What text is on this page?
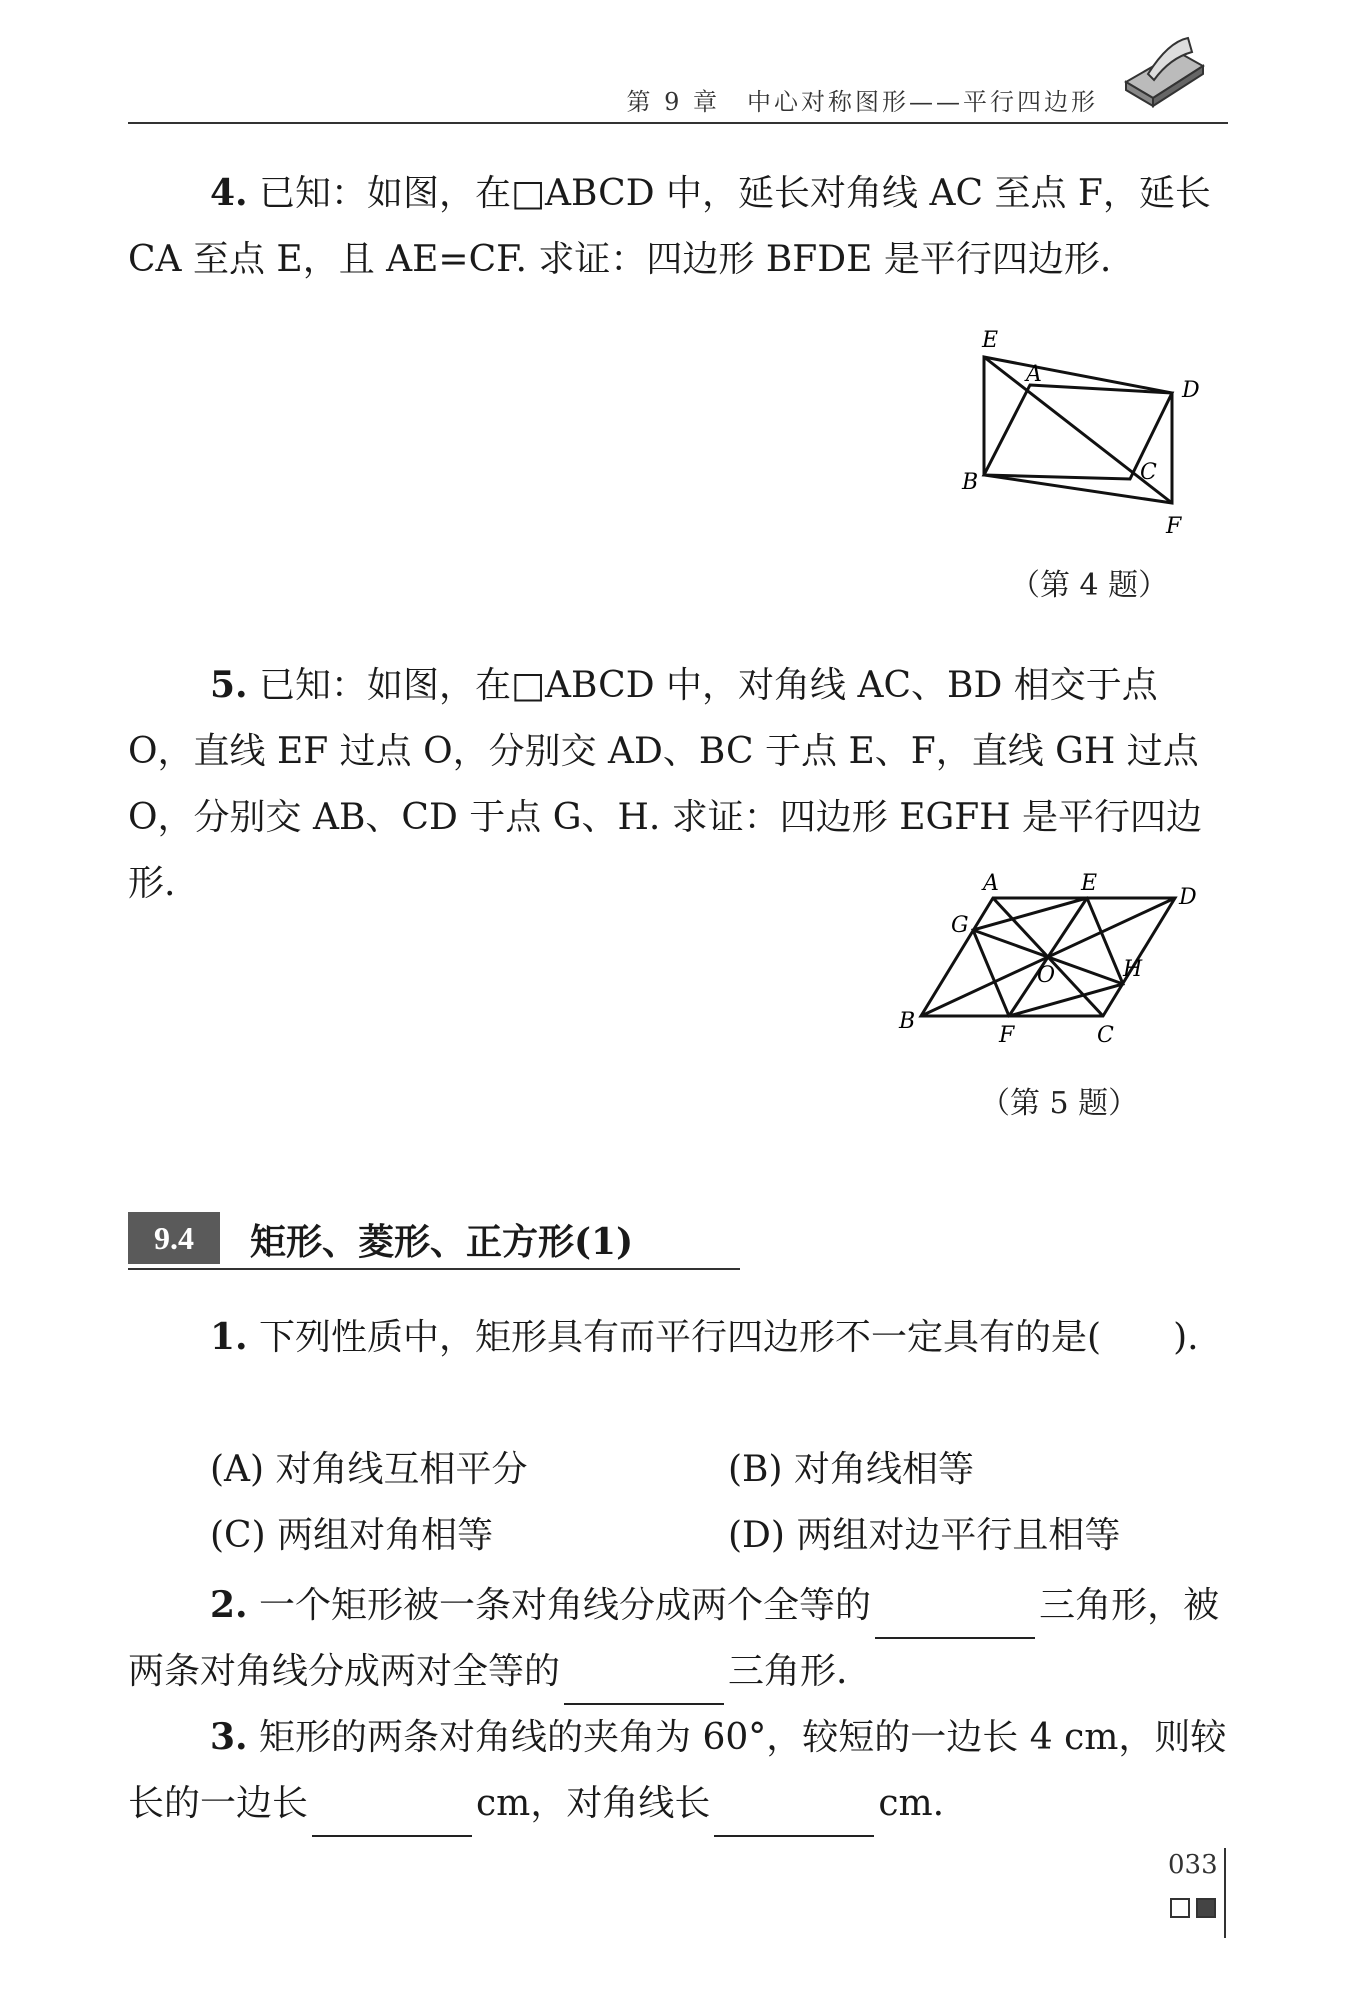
第 9 章　中心对称图形——平行四边形
4. 已知：如图，在□ABCD 中，延长对角线 AC 至点 F，延长 CA 至点 E，且 AE=CF. 求证：四边形 BFDE 是平行四边形.
E
A
D
B	C
F
（第 4 题）
5. 已知：如图，在□ABCD 中，对角线 AC、BD 相交于点 O，直线 EF 过点 O，分别交 AD、BC 于点 E、F，直线 GH 过点 O，分别交 AB、CD 于点 G、H. 求证：四边形 EGFH 是平行四边形.	A	E
D
G
O	H
B
F	C
（第 5 题）
9.4	矩形、菱形、正方形(1)
1. 下列性质中，矩形具有而平行四边形不一定具有的是(　　).
(A) 对角线互相平分	(B) 对角线相等
(C) 两组对角相等	(D) 两组对边平行且相等
2. 一个矩形被一条对角线分成两个全等的	三角形，被两条对角线分成两对全等的	三角形.
3. 矩形的两条对角线的夹角为 60°，较短的一边长 4 cm，则较长的一边长	cm，对角线长	cm.
033
